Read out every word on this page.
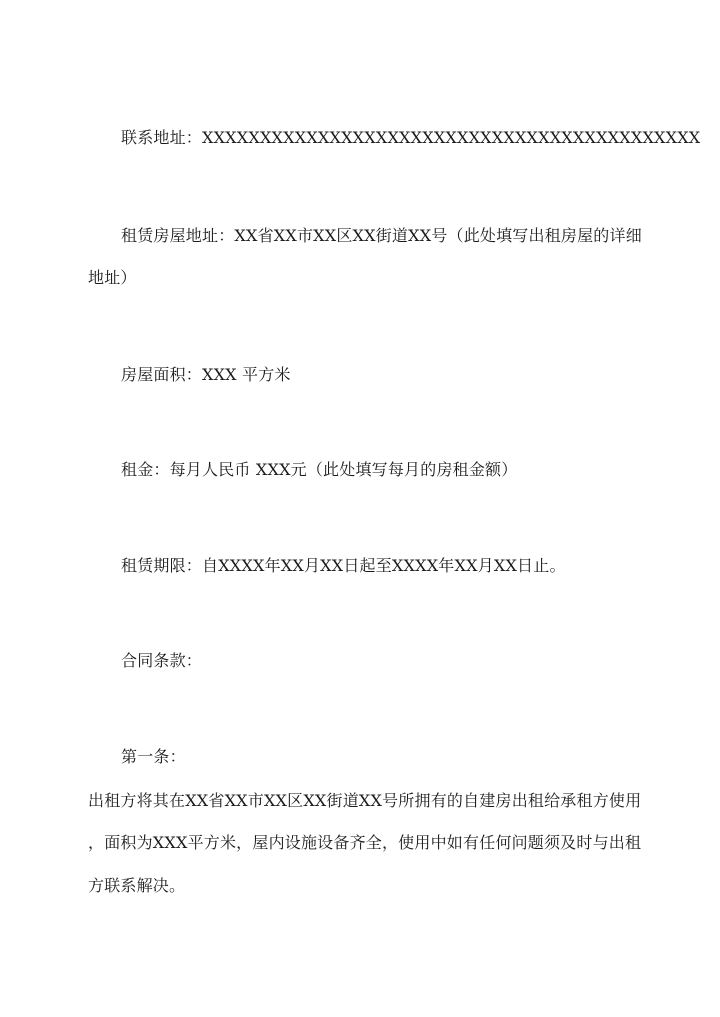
联系地址：XXXXXXXXXXXXXXXXXXXXXXXXXXXXXXXXXXXXXXXXXXX
租赁房屋地址：XX省XX市XX区XX街道XX号（此处填写出租房屋的详细
地址）
房屋面积：XXX 平方米
租金：每月人民币 XXX元（此处填写每月的房租金额）
租赁期限：自XXXX年XX月XX日起至XXXX年XX月XX日止。
合同条款：
第一条：
出租方将其在XX省XX市XX区XX街道XX号所拥有的自建房出租给承租方使用
，面积为XXX平方米，屋内设施设备齐全，使用中如有任何问题须及时与出租
方联系解决。
